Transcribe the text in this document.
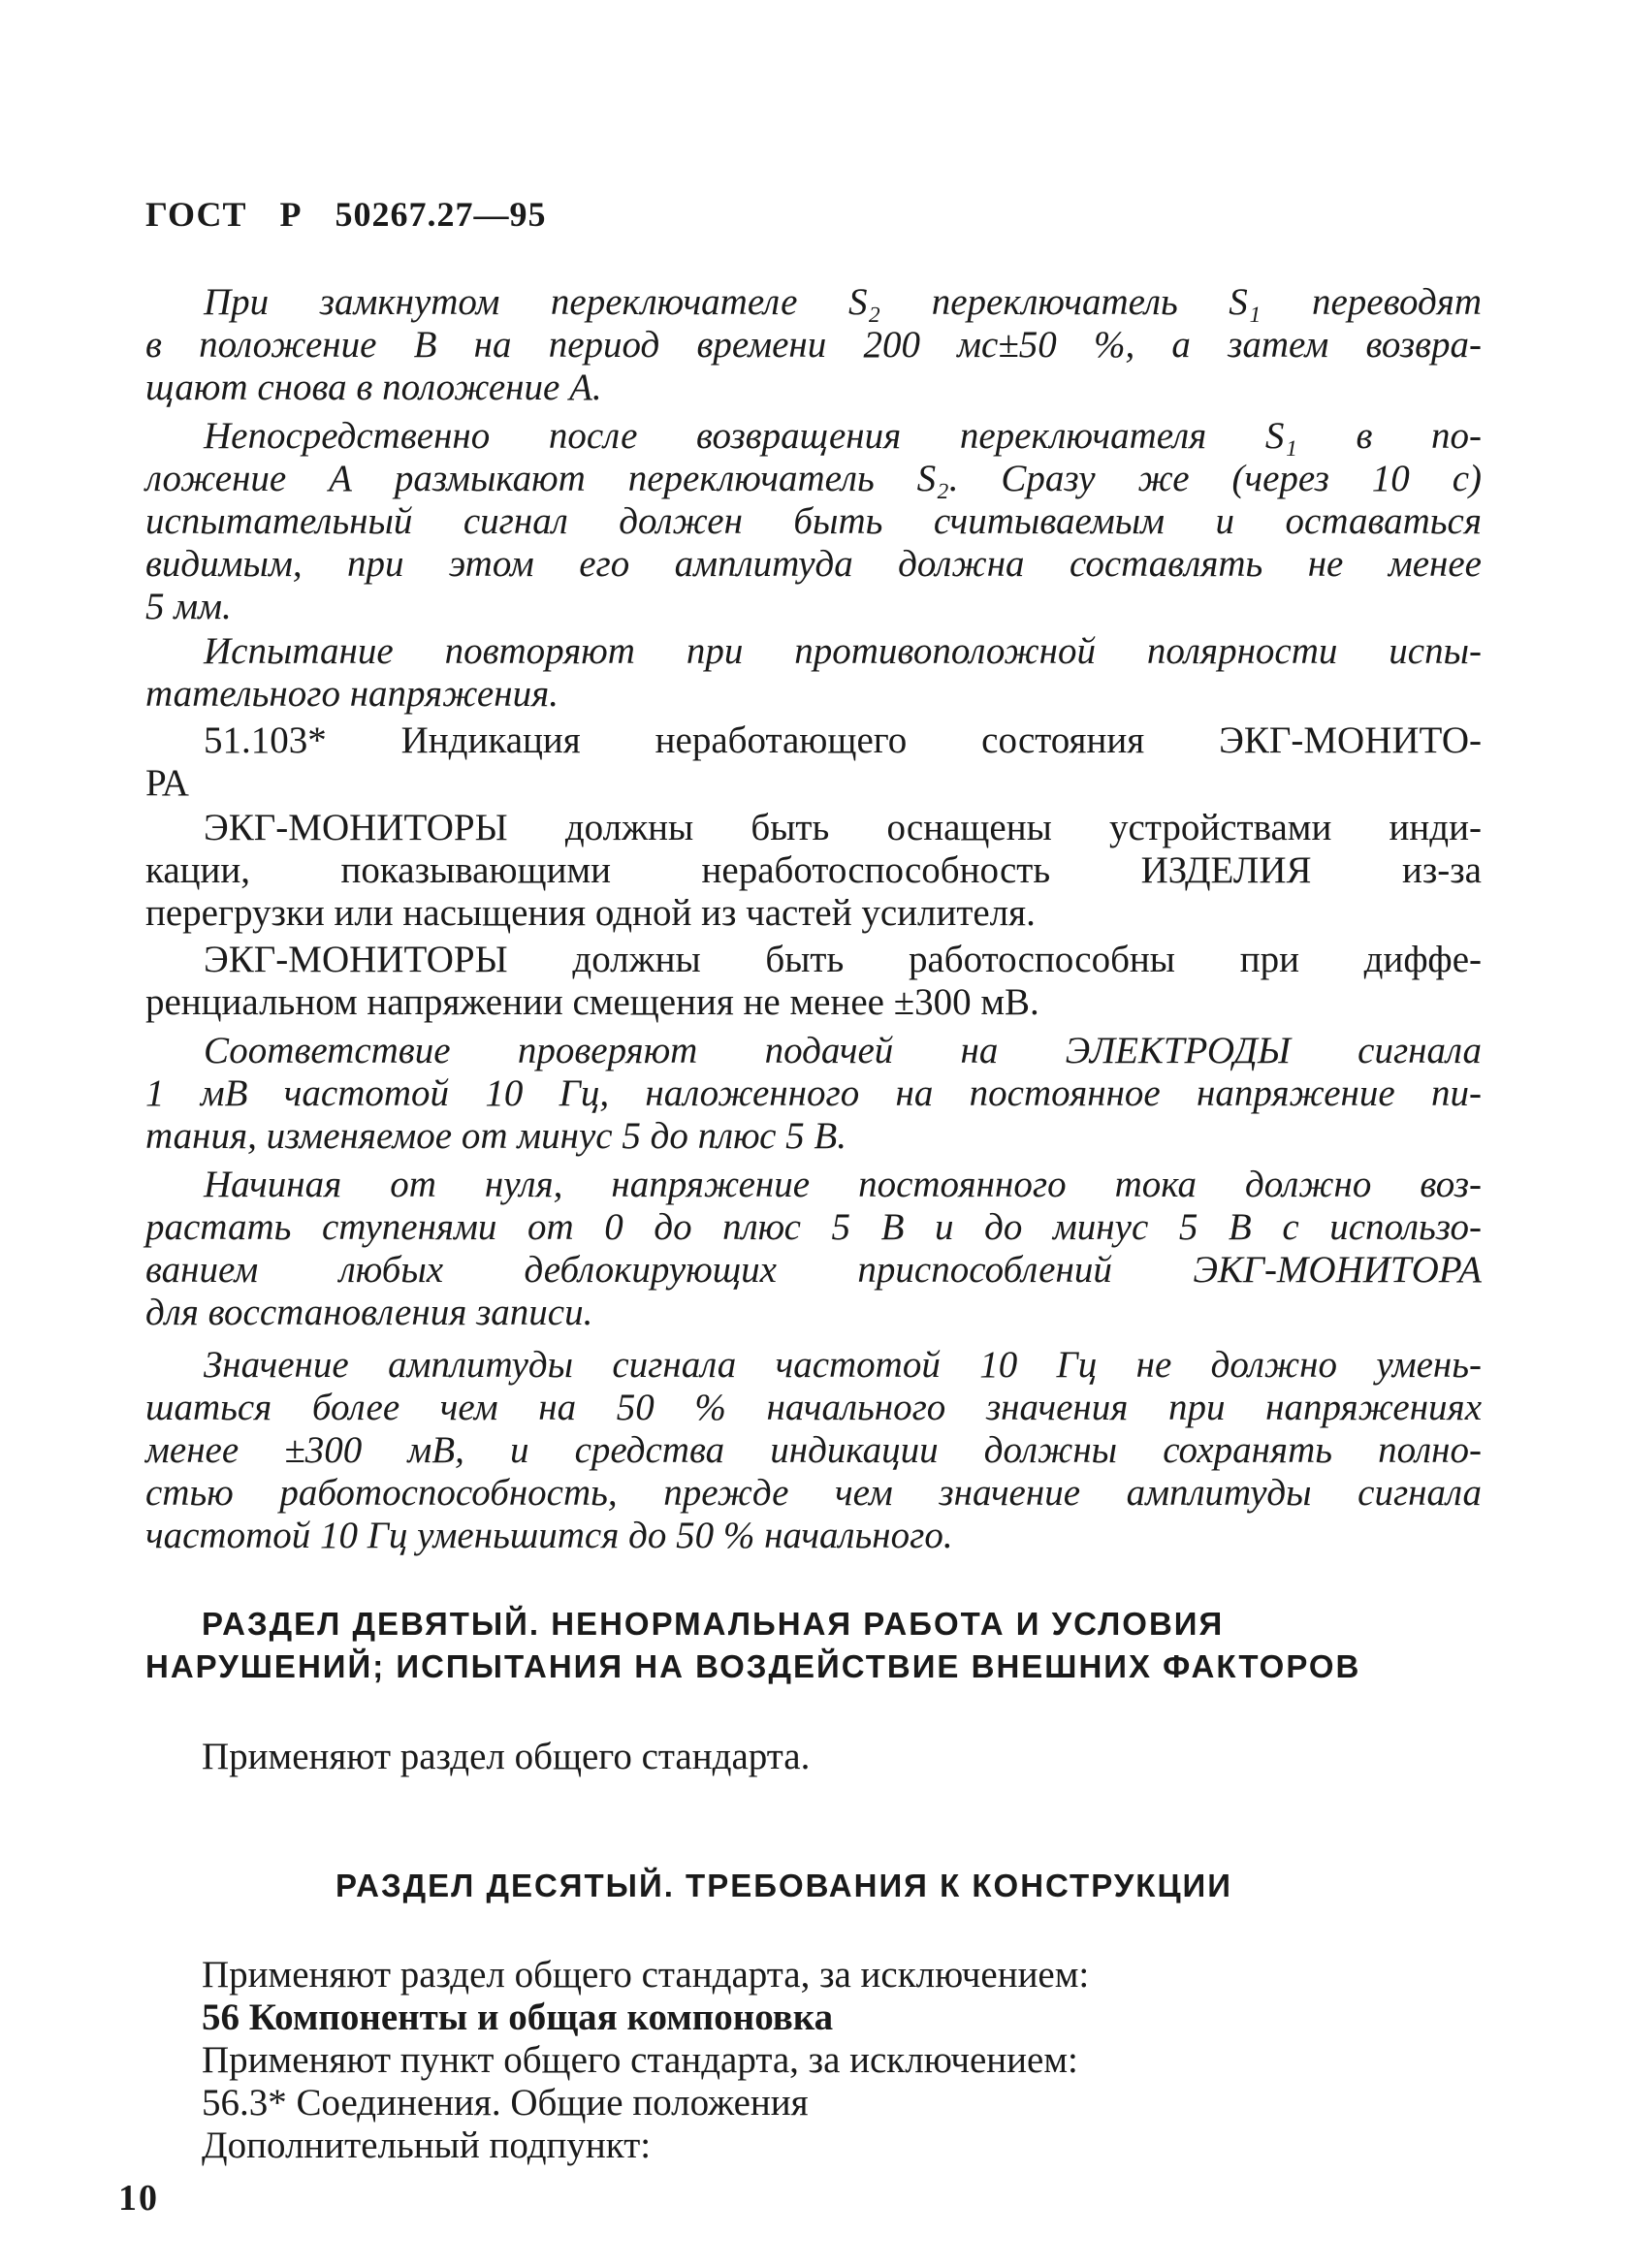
ГОСТ Р 50267.27—95
При замкнутом переключателе S₂ переключатель S₁ переводят
в положение В на период времени 200 мс±50 %, а затем возвра-
щают снова в положение А.
Непосредственно после возвращения переключателя S₁ в по-
ложение А размыкают переключатель S₂. Сразу же (через 10 с)
испытательный сигнал должен быть считываемым и оставаться
видимым, при этом его амплитуда должна составлять не менее
5 мм.
Испытание повторяют при противоположной полярности испы-
тательного напряжения.
51.103* Индикация неработающего состояния ЭКГ-МОНИТО-
РА
ЭКГ-МОНИТОРЫ должны быть оснащены устройствами инди-
кации, показывающими неработоспособность ИЗДЕЛИЯ из-за
перегрузки или насыщения одной из частей усилителя.
ЭКГ-МОНИТОРЫ должны быть работоспособны при диффе-
ренциальном напряжении смещения не менее ±300 мВ.
Соответствие проверяют подачей на ЭЛЕКТРОДЫ сигнала
1 мВ частотой 10 Гц, наложенного на постоянное напряжение пи-
тания, изменяемое от минус 5 до плюс 5 В.
Начиная от нуля, напряжение постоянного тока должно воз-
растать ступенями от 0 до плюс 5 В и до минус 5 В с использо-
ванием любых деблокирующих приспособлений ЭКГ-МОНИТОРА
для восстановления записи.
Значение амплитуды сигнала частотой 10 Гц не должно умень-
шаться более чем на 50 % начального значения при напряжениях
менее ±300 мВ, и средства индикации должны сохранять полно-
стью работоспособность, прежде чем значение амплитуды сигнала
частотой 10 Гц уменьшится до 50 % начального.
РАЗДЕЛ ДЕВЯТЫЙ. НЕНОРМАЛЬНАЯ РАБОТА И УСЛОВИЯ
НАРУШЕНИЙ; ИСПЫТАНИЯ НА ВОЗДЕЙСТВИЕ ВНЕШНИХ ФАКТОРОВ
Применяют раздел общего стандарта.
РАЗДЕЛ ДЕСЯТЫЙ. ТРЕБОВАНИЯ К КОНСТРУКЦИИ
Применяют раздел общего стандарта, за исключением:
56 Компоненты и общая компоновка
Применяют пункт общего стандарта, за исключением:
56.3* Соединения. Общие положения
Дополнительный подпункт:
10
